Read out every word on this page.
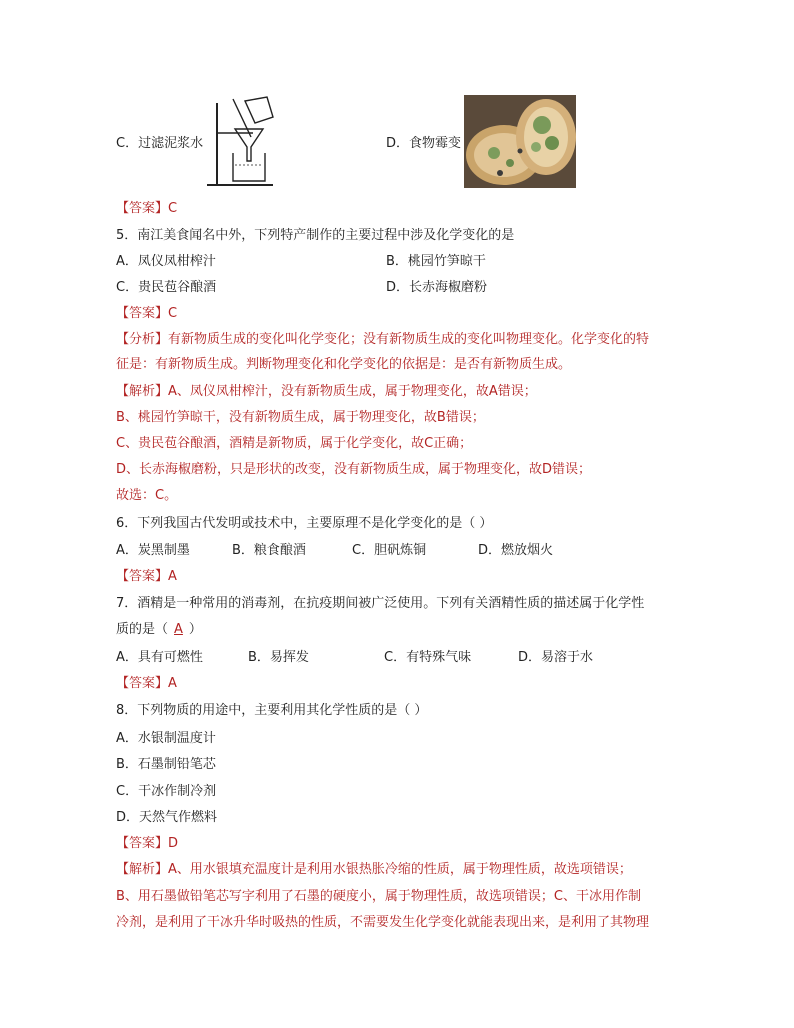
C．过滤泥浆水	D．食物霉变
【答案】C
5．南江美食闻名中外，下列特产制作的主要过程中涉及化学变化的是
A．凤仪凤柑榨汁	B．桃园竹笋晾干
C．贵民苞谷酿酒	D．长赤海椒磨粉
【答案】C
【分析】有新物质生成的变化叫化学变化；没有新物质生成的变化叫物理变化。化学变化的特
征是：有新物质生成。判断物理变化和化学变化的依据是：是否有新物质生成。
【解析】A、凤仪凤柑榨汁，没有新物质生成，属于物理变化，故A错误；
B、桃园竹笋晾干，没有新物质生成，属于物理变化，故B错误；
C、贵民苞谷酿酒，酒精是新物质，属于化学变化，故C正确；
D、长赤海椒磨粉，只是形状的改变，没有新物质生成，属于物理变化，故D错误；
故选：C。
6．下列我国古代发明或技术中，主要原理不是化学变化的是（ ）
A．炭黑制墨	B．粮食酿酒	C．胆矾炼铜	D．燃放烟火
【答案】A
7．酒精是一种常用的消毒剂，在抗疫期间被广泛使用。下列有关酒精性质的描述属于化学性
质的是（ A ）
A．具有可燃性	B．易挥发	C．有特殊气味	D．易溶于水
【答案】A
8．下列物质的用途中，主要利用其化学性质的是（ ）
A．水银制温度计
B．石墨制铅笔芯
C．干冰作制冷剂
D．天然气作燃料
【答案】D
【解析】A、用水银填充温度计是利用水银热胀冷缩的性质，属于物理性质，故选项错误；
B、用石墨做铅笔芯写字利用了石墨的硬度小，属于物理性质，故选项错误；C、干冰用作制
冷剂，是利用了干冰升华时吸热的性质，不需要发生化学变化就能表现出来，是利用了其物理
